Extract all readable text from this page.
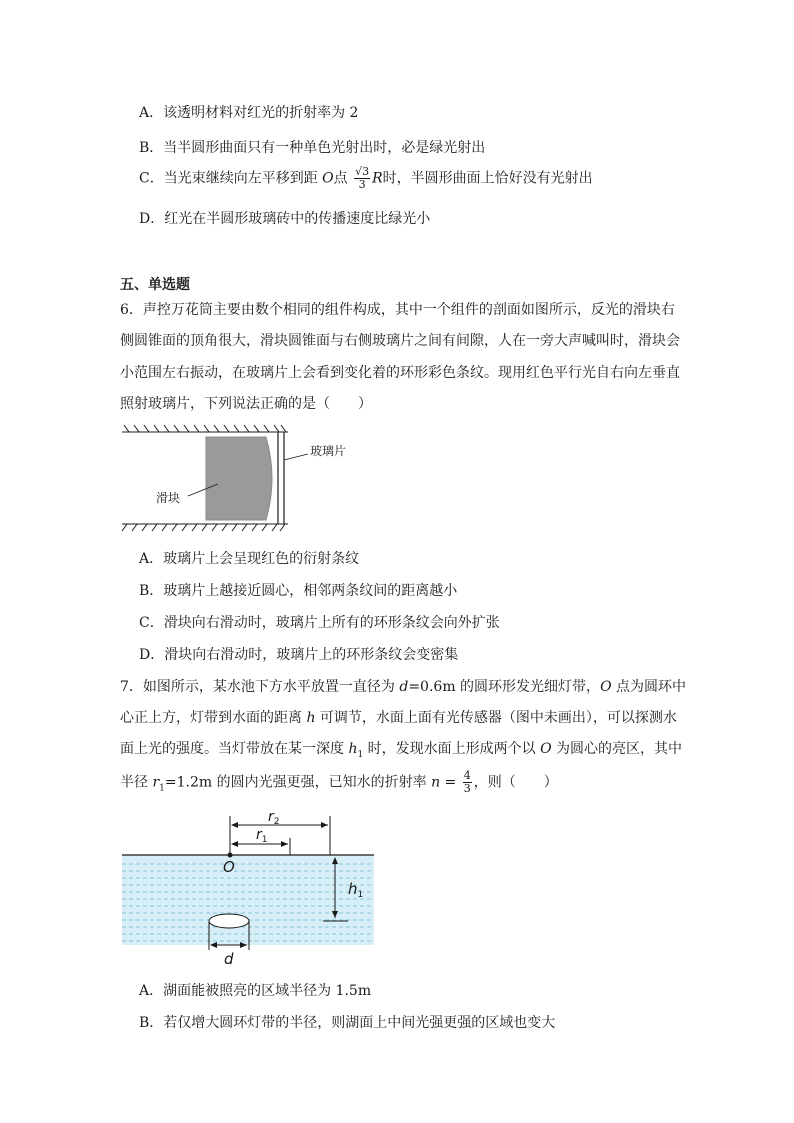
A．该透明材料对红光的折射率为 2
B．当半圆形曲面只有一种单色光射出时，必是绿光射出
C．当光束继续向左平移到距 O点 $\frac{√3}{3}$ R时，半圆形曲面上恰好没有光射出
D．红光在半圆形玻璃砖中的传播速度比绿光小
五、单选题
6．声控万花筒主要由数个相同的组件构成，其中一个组件的剖面如图所示，反光的滑块右
侧圆锥面的顶角很大，滑块圆锥面与右侧玻璃片之间有间隙，人在一旁大声喊叫时，滑块会
小范围左右振动，在玻璃片上会看到变化着的环形彩色条纹。现用红色平行光自右向左垂直
照射玻璃片，下列说法正确的是（　　）
玻璃片
滑块
A．玻璃片上会呈现红色的衍射条纹
B．玻璃片上越接近圆心，相邻两条纹间的距离越小
C．滑块向右滑动时，玻璃片上所有的环形条纹会向外扩张
D．滑块向右滑动时，玻璃片上的环形条纹会变密集
7．如图所示，某水池下方水平放置一直径为 d=0.6m 的圆环形发光细灯带，O 点为圆环中
心正上方，灯带到水面的距离 h 可调节，水面上面有光传感器（图中未画出），可以探测水
面上光的强度。当灯带放在某一深度 $h_1$ 时，发现水面上形成两个以 O 为圆心的亮区，其中
半径 $r_1=1.2m$ 的圆内光强更强，已知水的折射率 $n = \frac{4}{3}$ ，则（　　）
$r_2$
$r_1$
O
$h_1$
d
A．湖面能被照亮的区域半径为 1.5m
B．若仅增大圆环灯带的半径，则湖面上中间光强更强的区域也变大
